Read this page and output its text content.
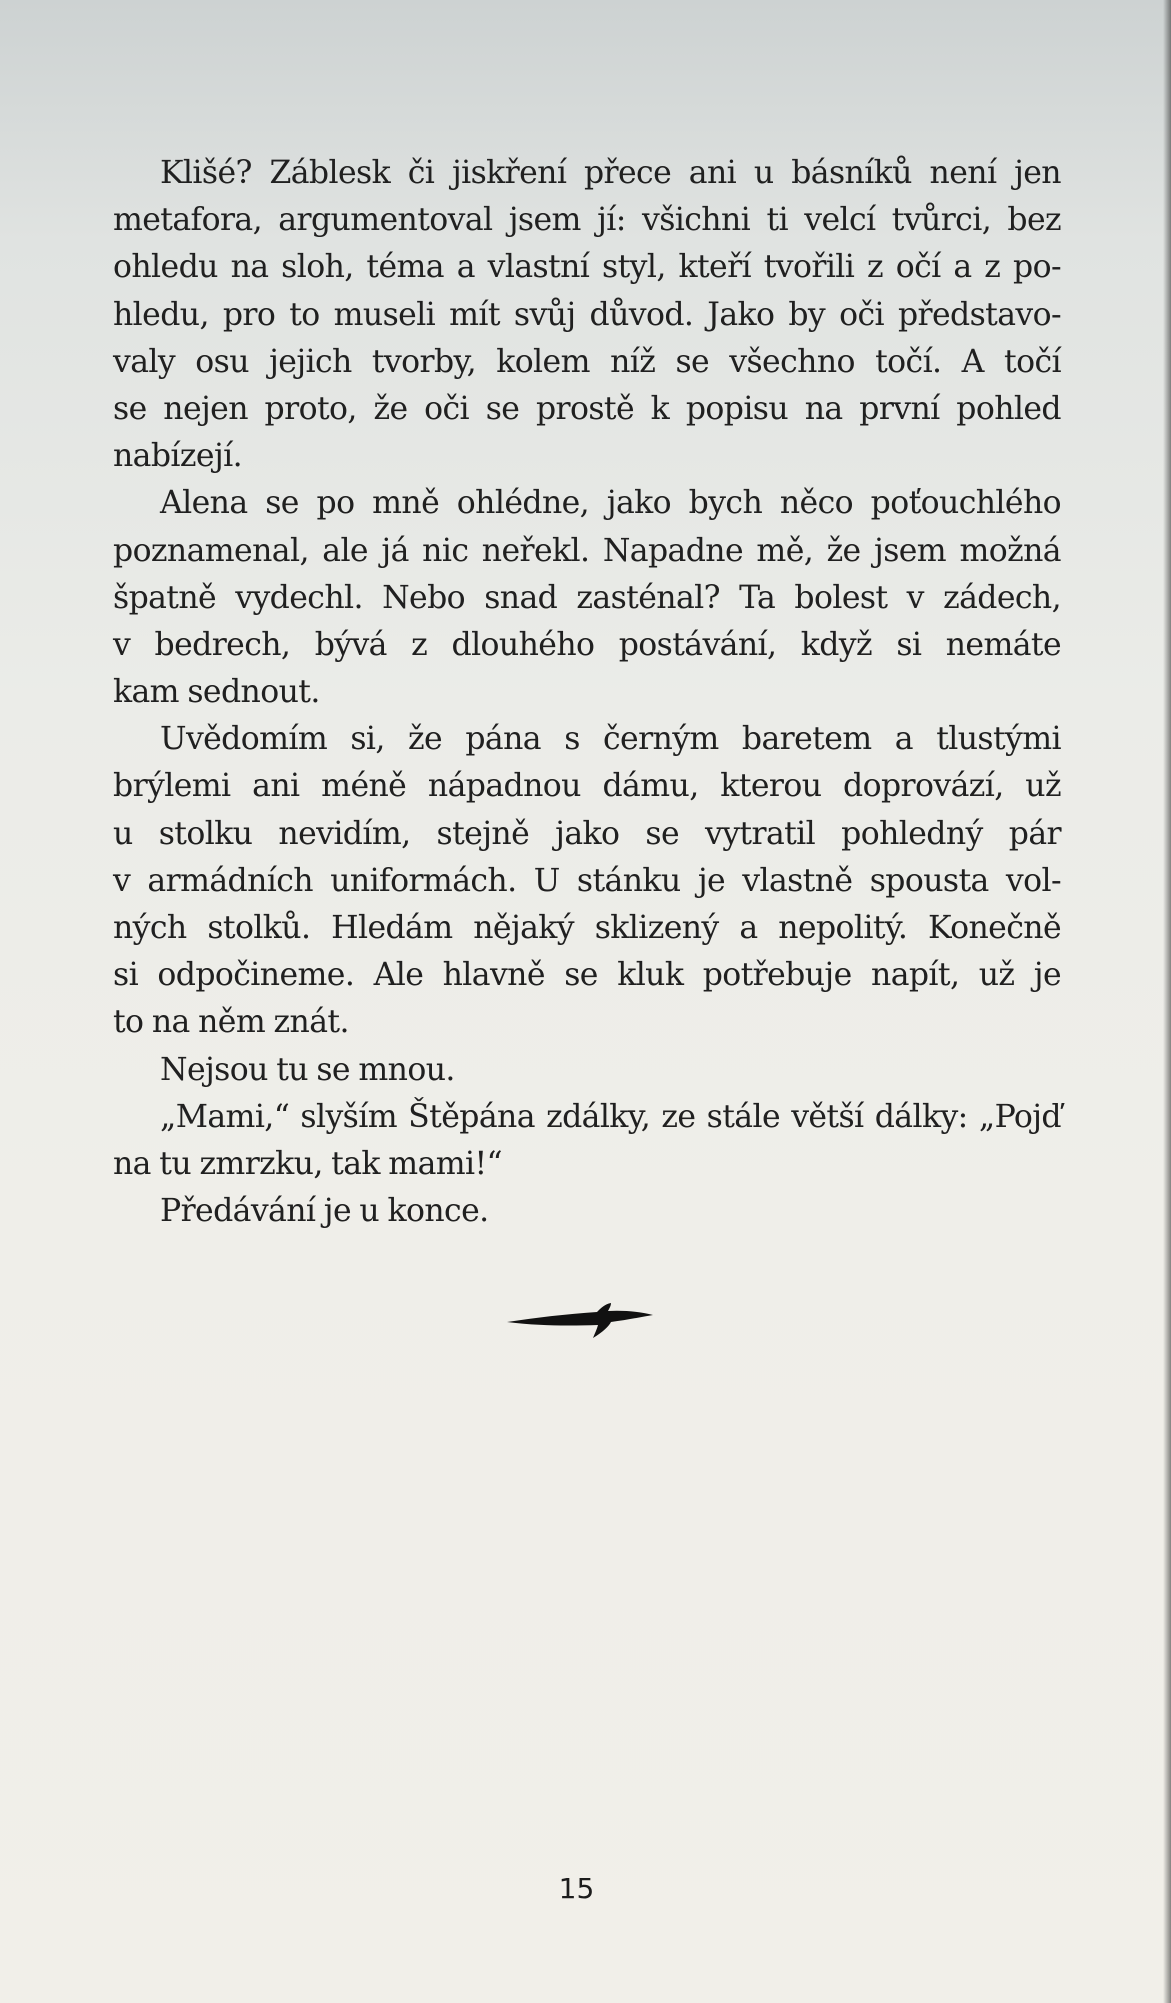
Klišé? Záblesk či jiskření přece ani u básníků není jen
metafora, argumentoval jsem jí: všichni ti velcí tvůrci, bez
ohledu na sloh, téma a vlastní styl, kteří tvořili z očí a z po-
hledu, pro to museli mít svůj důvod. Jako by oči představo-
valy osu jejich tvorby, kolem níž se všechno točí. A točí
se nejen proto, že oči se prostě k popisu na první pohled
nabízejí.
Alena se po mně ohlédne, jako bych něco poťouchlého
poznamenal, ale já nic neřekl. Napadne mě, že jsem možná
špatně vydechl. Nebo snad zasténal? Ta bolest v zádech,
v bedrech, bývá z dlouhého postávání, když si nemáte
kam sednout.
Uvědomím si, že pána s černým baretem a tlustými
brýlemi ani méně nápadnou dámu, kterou doprovází, už
u stolku nevidím, stejně jako se vytratil pohledný pár
v armádních uniformách. U stánku je vlastně spousta vol-
ných stolků. Hledám nějaký sklizený a nepolitý. Konečně
si odpočineme. Ale hlavně se kluk potřebuje napít, už je
to na něm znát.
Nejsou tu se mnou.
„Mami,“ slyším Štěpána zdálky, ze stále větší dálky: „Pojď
na tu zmrzku, tak mami!“
Předávání je u konce.
15
